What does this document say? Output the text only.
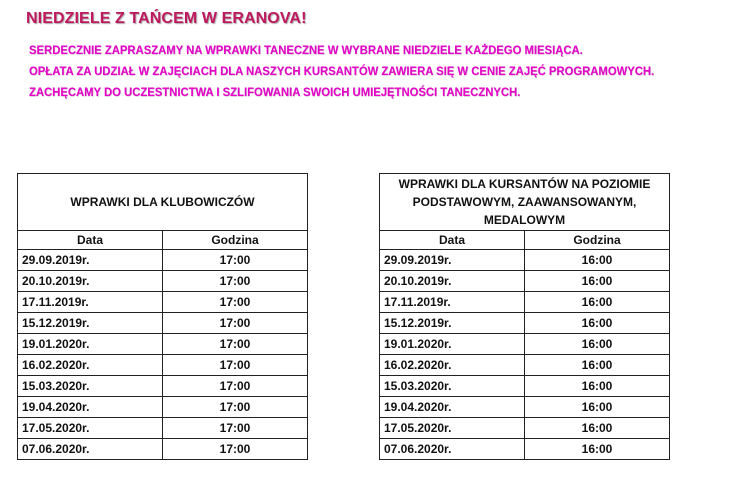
NIEDZIELE Z TAŃCEM W ERANOVA!
SERDECZNIE ZAPRASZAMY NA WPRAWKI TANECZNE W WYBRANE NIEDZIELE KAŻDEGO MIESIĄCA.
OPŁATA ZA UDZIAŁ W ZAJĘCIACH DLA NASZYCH KURSANTÓW ZAWIERA SIĘ W CENIE ZAJĘĆ PROGRAMOWYCH.
ZACHĘCAMY DO UCZESTNICTWA I SZLIFOWANIA SWOICH UMIEJĘTNOŚCI TANECZNYCH.
WPRAWKI DLA KLUBOWICZÓW	
Data	Godzina
29.09.2019r.	17:00
20.10.2019r.	17:00
17.11.2019r.	17:00
15.12.2019r.	17:00
19.01.2020r.	17:00
16.02.2020r.	17:00
15.03.2020r.	17:00
19.04.2020r.	17:00
17.05.2020r.	17:00
07.06.2020r.	17:00
WPRAWKI DLA KURSANTÓW NA POZIOMIE
PODSTAWOWYM, ZAAWANSOWANYM,
MEDALOWYM	

Data	Godzina
29.09.2019r.	16:00
20.10.2019r.	16:00
17.11.2019r.	16:00
15.12.2019r.	16:00
19.01.2020r.	16:00
16.02.2020r.	16:00
15.03.2020r.	16:00
19.04.2020r.	16:00
17.05.2020r.	16:00
07.06.2020r.	16:00
